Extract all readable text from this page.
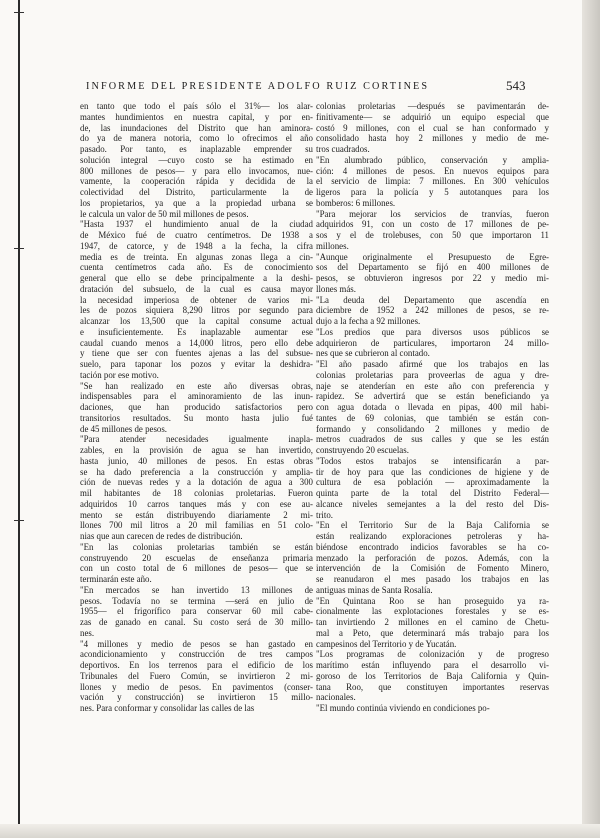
INFORME DEL PRESIDENTE ADOLFO RUIZ CORTINES	543
en tanto que todo el país sólo el 31%— los alar-
mantes hundimientos en nuestra capital, y por en-
de, las inundaciones del Distrito que han aminora-
do ya de manera notoria, como lo ofrecimos el año
pasado. Por tanto, es inaplazable emprender su
solución integral —cuyo costo se ha estimado en
800 millones de pesos— y para ello invocamos, nue-
vamente, la cooperación rápida y decidida de la
colectividad del Distrito, particularmente la de
los propietarios, ya que a la propiedad urbana se
le calcula un valor de 50 mil millones de pesos.
"Hasta 1937 el hundimiento anual de la ciudad
de México fué de cuatro centímetros. De 1938 a
1947, de catorce, y de 1948 a la fecha, la cifra
media es de treinta. En algunas zonas llega a cin-
cuenta centímetros cada año. Es de conocimiento
general que ello se debe principalmente a la deshi-
dratación del subsuelo, de la cual es causa mayor
la necesidad imperiosa de obtener de varios mi-
les de pozos siquiera 8,290 litros por segundo para
alcanzar los 13,500 que la capital consume actual
e insuficientemente. Es inaplazable aumentar ese
caudal cuando menos a 14,000 litros, pero ello debe
y tiene que ser con fuentes ajenas a las del subsue-
suelo, para taponar los pozos y evitar la deshidra-
tación por ese motivo.
"Se han realizado en este año diversas obras,
indispensables para el aminoramiento de las inun-
daciones, que han producido satisfactorios pero
transitorios resultados. Su monto hasta julio fué
de 45 millones de pesos.
"Para atender necesidades igualmente inapla-
zables, en la provisión de agua se han invertido,
hasta junio, 40 millones de pesos. En estas obras
se ha dado preferencia a la construcción y amplia-
ción de nuevas redes y a la dotación de agua a 300
mil habitantes de 18 colonias proletarias. Fueron
adquiridos 10 carros tanques más y con ese au-
mento se están distribuyendo diariamente 2 mi-
llones 700 mil litros a 20 mil familias en 51 colo-
nias que aun carecen de redes de distribución.
"En las colonias proletarias también se están
construyendo 20 escuelas de enseñanza primaria
con un costo total de 6 millones de pesos— que se
terminarán este año.
"En mercados se han invertido 13 millones de
pesos. Todavía no se termina —será en julio de
1955— el frigorífico para conservar 60 mil cabe-
zas de ganado en canal. Su costo será de 30 millo-
nes.
"4 millones y medio de pesos se han gastado en
acondicionamiento y construcción de tres campos
deportivos. En los terrenos para el edificio de los
Tribunales del Fuero Común, se invirtieron 2 mi-
llones y medio de pesos. En pavimentos (conser-
vación y construcción) se invirtieron 15 millo-
nes. Para conformar y consolidar las calles de las
colonias proletarias —después se pavimentarán de-
finitivamente— se adquirió un equipo especial que
costó 9 millones, con el cual se han conformado y
consolidado hasta hoy 2 millones y medio de me-
tros cuadrados.
"En alumbrado público, conservación y amplia-
ción: 4 millones de pesos. En nuevos equipos para
el servicio de limpia: 7 millones. En 300 vehículos
ligeros para la policía y 5 autotanques para los
bomberos: 6 millones.
"Para mejorar los servicios de tranvías, fueron
adquiridos 91, con un costo de 17 millones de pe-
sos y el de trolebuses, con 50 que importaron 11
millones.
"Aunque originalmente el Presupuesto de Egre-
sos del Departamento se fijó en 400 millones de
pesos, se obtuvieron ingresos por 22 y medio mi-
llones más.
"La deuda del Departamento que ascendía en
diciembre de 1952 a 242 millones de pesos, se re-
dujo a la fecha a 92 millones.
"Los predios que para diversos usos públicos se
adquirieron de particulares, importaron 24 millo-
nes que se cubrieron al contado.
"El año pasado afirmé que los trabajos en las
colonias proletarias para proveerlas de agua y dre-
naje se atenderían en este año con preferencia y
rapidez. Se advertirá que se están beneficiando ya
con agua dotada o llevada en pipas, 400 mil habi-
tantes de 69 colonias, que también se están con-
formando y consolidando 2 millones y medio de
metros cuadrados de sus calles y que se les están
construyendo 20 escuelas.
"Todos estos trabajos se intensificarán a par-
tir de hoy para que las condiciones de higiene y de
cultura de esa población — aproximadamente la
quinta parte de la total del Distrito Federal—
alcance niveles semejantes a la del resto del Dis-
trito.
"En el Territorio Sur de la Baja California se
están realizando exploraciones petroleras y ha-
biéndose encontrado indicios favorables se ha co-
menzado la perforación de pozos. Además, con la
intervención de la Comisión de Fomento Minero,
se reanudaron el mes pasado los trabajos en las
antiguas minas de Santa Rosalía.
"En Quintana Roo se han proseguido ya ra-
cionalmente las explotaciones forestales y se es-
tan invirtiendo 2 millones en el camino de Chetu-
mal a Peto, que determinará más trabajo para los
campesinos del Territorio y de Yucatán.
"Los programas de colonización y de progreso
marítimo están influyendo para el desarrollo vi-
goroso de los Territorios de Baja California y Quin-
tana Roo, que constituyen importantes reservas
nacionales.
"El mundo continúa viviendo en condiciones po-
